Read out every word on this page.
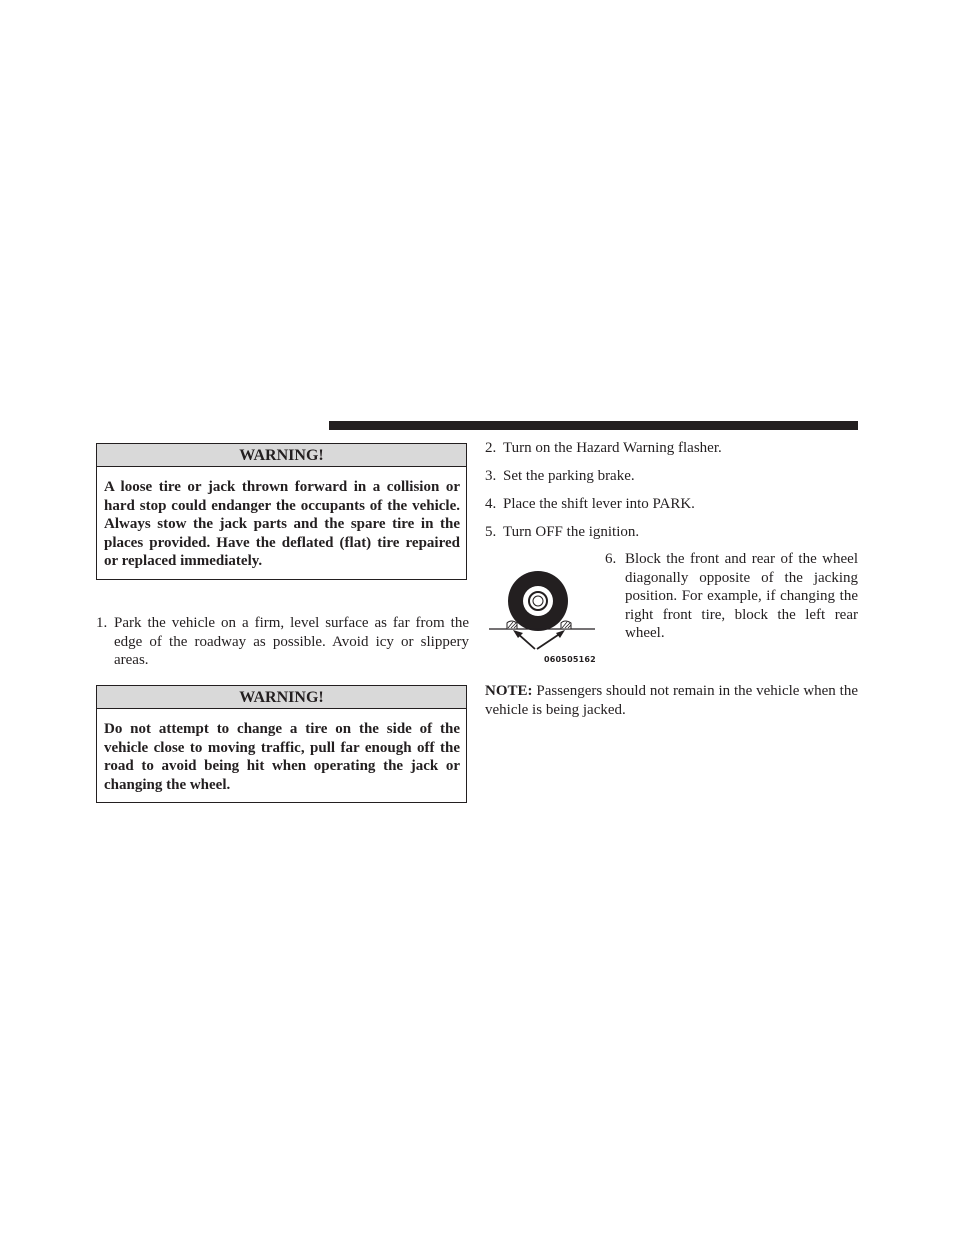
WARNING!
A loose tire or jack thrown forward in a collision or hard stop could endanger the occupants of the vehicle. Always stow the jack parts and the spare tire in the places provided. Have the deflated (flat) tire repaired or replaced immediately.
1. Park the vehicle on a firm, level surface as far from the edge of the roadway as possible. Avoid icy or slippery areas.
WARNING!
Do not attempt to change a tire on the side of the vehicle close to moving traffic, pull far enough off the road to avoid being hit when operating the jack or changing the wheel.
2. Turn on the Hazard Warning flasher.
3. Set the parking brake.
4. Place the shift lever into PARK.
5. Turn OFF the ignition.
060505162
6. Block the front and rear of the wheel diagonally opposite of the jacking position. For example, if changing the right front tire, block the left rear wheel.
NOTE: Passengers should not remain in the vehicle when the vehicle is being jacked.
